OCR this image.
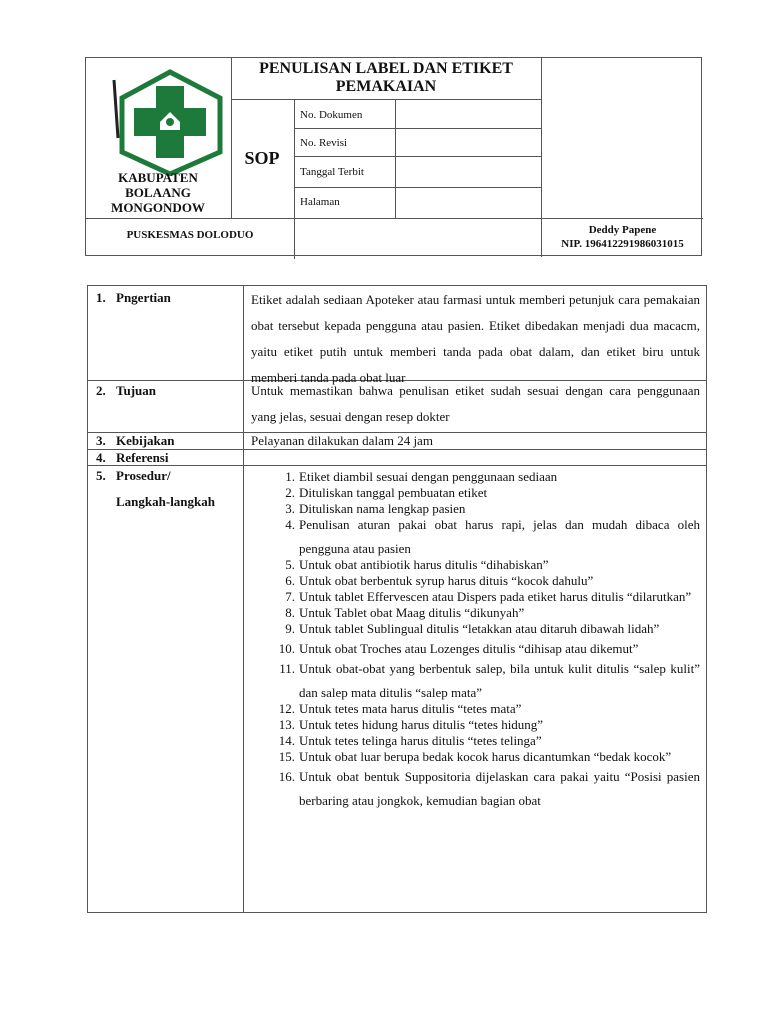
KABUPATEN BOLAANG MONGONDOW
PENULISAN LABEL DAN ETIKET PEMAKAIAN
SOP
No. Dokumen
No. Revisi
Tanggal Terbit
Halaman
PUSKESMAS DOLODUO	Deddy Papene
NIP. 196412291986031015
1. Pngertian	Etiket adalah sediaan Apoteker atau farmasi untuk memberi petunjuk cara pemakaian obat tersebut kepada pengguna atau pasien. Etiket dibedakan menjadi dua macacm, yaitu etiket putih untuk memberi tanda pada obat dalam, dan etiket biru untuk memberi tanda pada obat luar
2. Tujuan	Untuk memastikan bahwa penulisan etiket sudah sesuai dengan cara penggunaan yang jelas, sesuai dengan resep dokter
3. Kebijakan	Pelayanan dilakukan dalam 24 jam
4. Referensi
5. Prosedur/
Langkah-langkah
1. Etiket diambil sesuai dengan penggunaan sediaan
2. Dituliskan tanggal pembuatan etiket
3. Dituliskan nama lengkap pasien
4. Penulisan aturan pakai obat harus rapi, jelas dan mudah dibaca oleh pengguna atau pasien
5. Untuk obat antibiotik harus ditulis “dihabiskan”
6. Untuk obat berbentuk syrup harus dituis “kocok dahulu”
7. Untuk tablet Effervescen atau Dispers pada etiket harus ditulis “dilarutkan”
8. Untuk Tablet obat Maag ditulis “dikunyah”
9. Untuk tablet Sublingual ditulis “letakkan atau ditaruh dibawah lidah”
10. Untuk obat Troches atau Lozenges ditulis “dihisap atau dikemut”
11. Untuk obat-obat yang berbentuk salep, bila untuk kulit ditulis “salep kulit” dan salep mata ditulis “salep mata”
12. Untuk tetes mata harus ditulis “tetes mata”
13. Untuk tetes hidung harus ditulis “tetes hidung”
14. Untuk tetes telinga harus ditulis “tetes telinga”
15. Untuk obat luar berupa bedak kocok harus dicantumkan “bedak kocok”
16. Untuk obat bentuk Suppositoria dijelaskan cara pakai yaitu “Posisi pasien berbaring atau jongkok, kemudian bagian obat
